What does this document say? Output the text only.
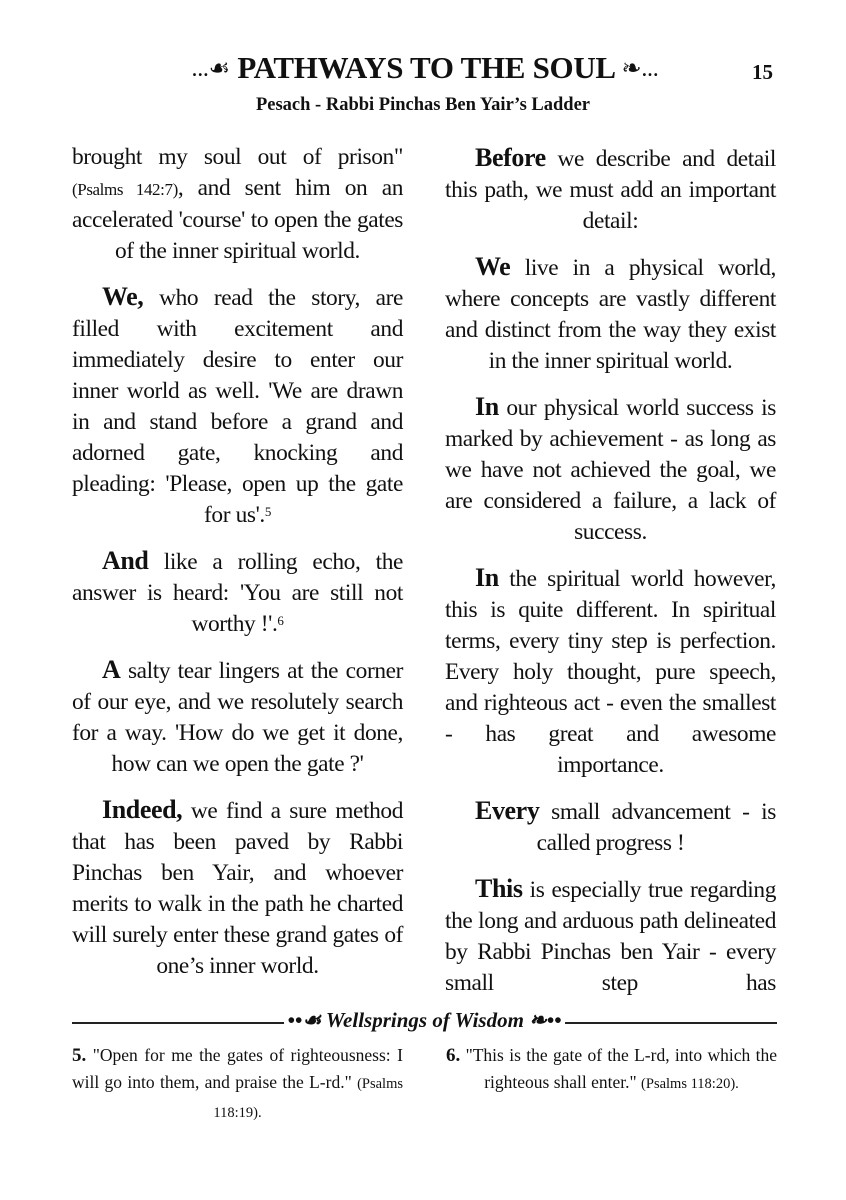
...☙ PATHWAYS TO THE SOUL ❧...	15
Pesach - Rabbi Pinchas Ben Yair’s Ladder

brought my soul out of prison" (Psalms 142:7), and sent him on an accelerated 'course' to open the gates of the inner spiritual world.

We, who read the story, are filled with excitement and immediately desire to enter our inner world as well. 'We are drawn in and stand before a grand and adorned gate, knocking and pleading: 'Please, open up the gate for us'.$^5$

And like a rolling echo, the answer is heard: 'You are still not worthy !'.$^6$

A salty tear lingers at the corner of our eye, and we resolutely search for a way. 'How do we get it done, how can we open the gate ?'

Indeed, we find a sure method that has been paved by Rabbi Pinchas ben Yair, and whoever merits to walk in the path he charted will surely enter these grand gates of one’s inner world.

Before we describe and detail this path, we must add an important detail:

We live in a physical world, where concepts are vastly different and distinct from the way they exist in the inner spiritual world.

In our physical world success is marked by achievement - as long as we have not achieved the goal, we are considered a failure, a lack of success.

In the spiritual world however, this is quite different. In spiritual terms, every tiny step is perfection. Every holy thought, pure speech, and righteous act - even the smallest - has great and awesome importance.

Every small advancement - is called progress !

This is especially true regarding the long and arduous path delineated by Rabbi Pinchas ben Yair - every small step has

••☙ Wellsprings of Wisdom ❧••
5. "Open for me the gates of righteousness: I will go into them, and praise the L-rd." (Psalms 118:19).
6. "This is the gate of the L-rd, into which the righteous shall enter." (Psalms 118:20).
